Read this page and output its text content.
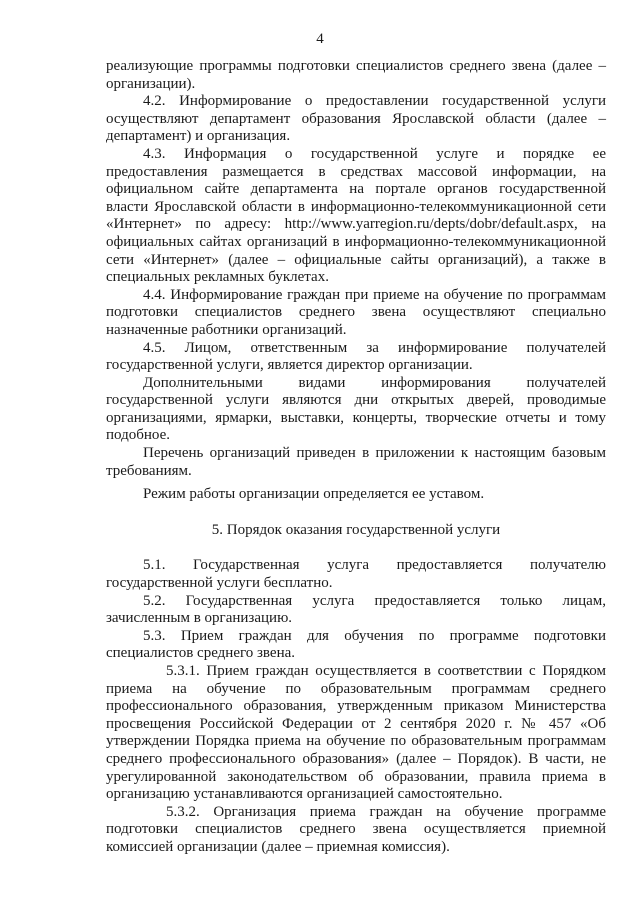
4

реализующие программы подготовки специалистов среднего звена (далее – организации).

4.2. Информирование о предоставлении государственной услуги осуществляют департамент образования Ярославской области (далее – департамент) и организация.

4.3. Информация о государственной услуге и порядке ее предоставления размещается в средствах массовой информации, на официальном сайте департамента на портале органов государственной власти Ярославской области в информационно-телекоммуникационной сети «Интернет» по адресу: http://www.yarregion.ru/depts/dobr/default.aspx, на официальных сайтах организаций в информационно-телекоммуникационной сети «Интернет» (далее – официальные сайты организаций), а также в специальных рекламных буклетах.

4.4. Информирование граждан при приеме на обучение по программам подготовки специалистов среднего звена осуществляют специально назначенные работники организаций.

4.5. Лицом, ответственным за информирование получателей государственной услуги, является директор организации.

Дополнительными видами информирования получателей государственной услуги являются дни открытых дверей, проводимые организациями, ярмарки, выставки, концерты, творческие отчеты и тому подобное.

Перечень организаций приведен в приложении к настоящим базовым требованиям.

Режим работы организации определяется ее уставом.

5. Порядок оказания государственной услуги

5.1. Государственная услуга предоставляется получателю государственной услуги бесплатно.

5.2. Государственная услуга предоставляется только лицам, зачисленным в организацию.

5.3. Прием граждан для обучения по программе подготовки специалистов среднего звена.

5.3.1. Прием граждан осуществляется в соответствии с Порядком приема на обучение по образовательным программам среднего профессионального образования, утвержденным приказом Министерства просвещения Российской Федерации от 2 сентября 2020 г. № 457 «Об утверждении Порядка приема на обучение по образовательным программам среднего профессионального образования» (далее – Порядок). В части, не урегулированной законодательством об образовании, правила приема в организацию устанавливаются организацией самостоятельно.

5.3.2. Организация приема граждан на обучение программе подготовки специалистов среднего звена осуществляется приемной комиссией организации (далее – приемная комиссия).
